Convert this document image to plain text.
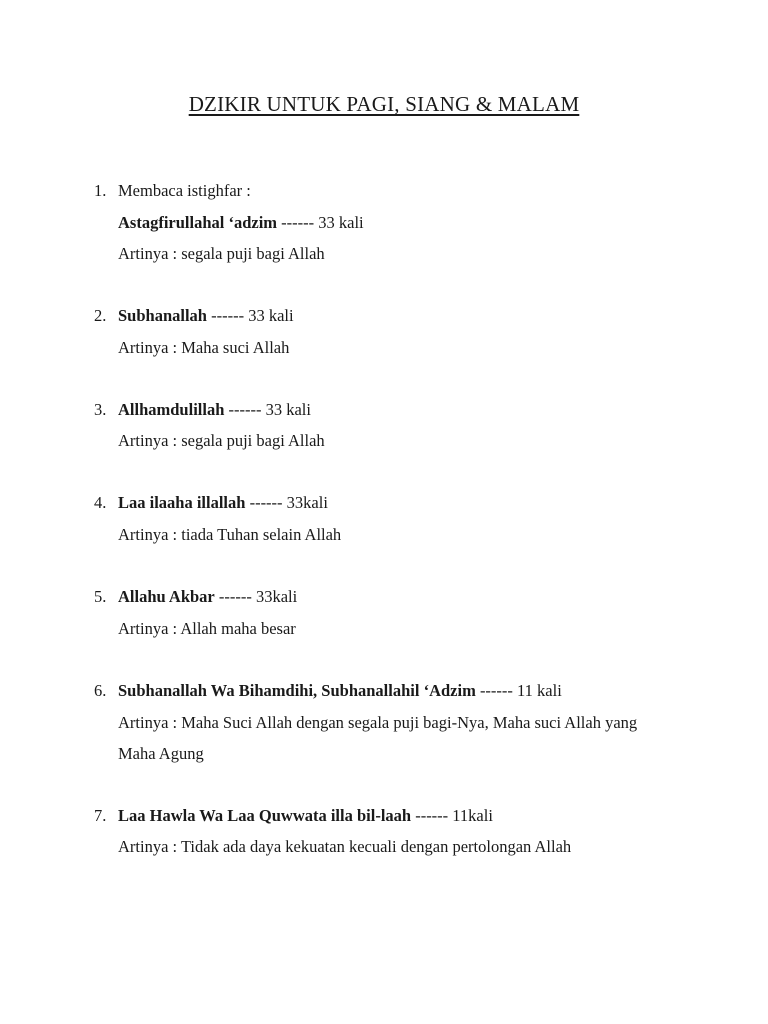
DZIKIR UNTUK PAGI, SIANG & MALAM
1. Membaca istighfar :
Astagfirullahal ‘adzim ------ 33 kali
Artinya : segala puji bagi Allah
2. Subhanallah ------ 33 kali
Artinya : Maha suci Allah
3. Allhamdulillah ------ 33 kali
Artinya : segala puji bagi Allah
4. Laa ilaaha illallah ------ 33kali
Artinya : tiada Tuhan selain Allah
5. Allahu Akbar ------ 33kali
Artinya : Allah maha besar
6. Subhanallah Wa Bihamdihi, Subhanallahil ‘Adzim ------ 11 kali
Artinya : Maha Suci Allah dengan segala puji bagi-Nya, Maha suci Allah yang
Maha Agung
7. Laa Hawla Wa Laa Quwwata illa bil-laah ------ 11kali
Artinya : Tidak ada daya kekuatan kecuali dengan pertolongan Allah
